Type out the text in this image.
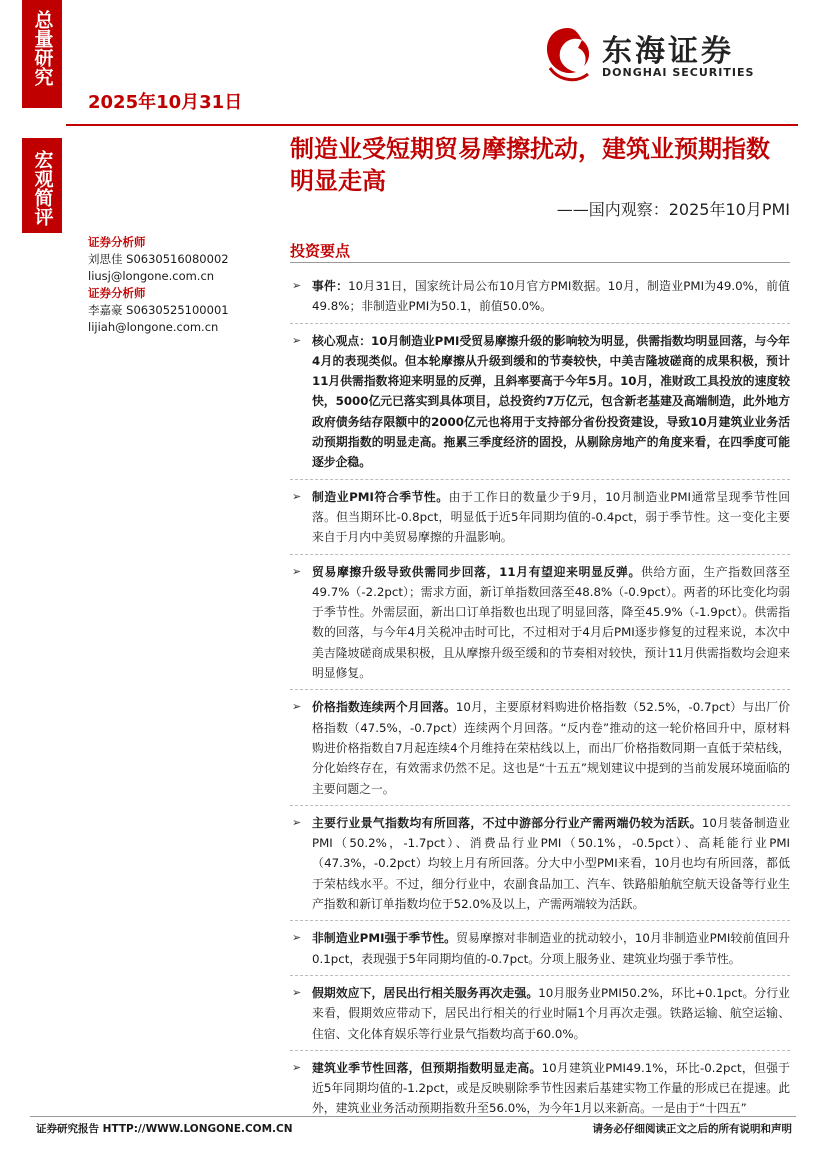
总量研究
宏观简评
2025年10月31日
东海证券
DONGHAI SECURITIES
制造业受短期贸易摩擦扰动，建筑业预期指数明显走高
——国内观察：2025年10月PMI
证券分析师
刘思佳 S0630516080002
liusj@longone.com.cn
证券分析师
李嘉豪 S0630525100001
lijiah@longone.com.cn
投资要点
➢ 事件：10月31日，国家统计局公布10月官方PMI数据。10月，制造业PMI为49.0%，前值49.8%；非制造业PMI为50.1，前值50.0%。
➢ 核心观点：10月制造业PMI受贸易摩擦升级的影响较为明显，供需指数均明显回落，与今年4月的表现类似。但本轮摩擦从升级到缓和的节奏较快，中美吉隆坡磋商的成果积极，预计11月供需指数将迎来明显的反弹，且斜率要高于今年5月。10月，准财政工具投放的速度较快，5000亿元已落实到具体项目，总投资约7万亿元，包含新老基建及高端制造，此外地方政府债务结存限额中的2000亿元也将用于支持部分省份投资建设，导致10月建筑业业务活动预期指数的明显走高。拖累三季度经济的固投，从剔除房地产的角度来看，在四季度可能逐步企稳。
➢ 制造业PMI符合季节性。由于工作日的数量少于9月，10月制造业PMI通常呈现季节性回落。但当期环比-0.8pct，明显低于近5年同期均值的-0.4pct，弱于季节性。这一变化主要来自于月内中美贸易摩擦的升温影响。
➢ 贸易摩擦升级导致供需同步回落，11月有望迎来明显反弹。供给方面，生产指数回落至49.7%（-2.2pct）；需求方面，新订单指数回落至48.8%（-0.9pct）。两者的环比变化均弱于季节性。外需层面，新出口订单指数也出现了明显回落，降至45.9%（-1.9pct）。供需指数的回落，与今年4月关税冲击时可比，不过相对于4月后PMI逐步修复的过程来说，本次中美吉隆坡磋商成果积极，且从摩擦升级至缓和的节奏相对较快，预计11月供需指数均会迎来明显修复。
➢ 价格指数连续两个月回落。10月，主要原材料购进价格指数（52.5%，-0.7pct）与出厂价格指数（47.5%，-0.7pct）连续两个月回落。“反内卷”推动的这一轮价格回升中，原材料购进价格指数自7月起连续4个月维持在荣枯线以上，而出厂价格指数同期一直低于荣枯线，分化始终存在，有效需求仍然不足。这也是“十五五”规划建议中提到的当前发展环境面临的主要问题之一。
➢ 主要行业景气指数均有所回落，不过中游部分行业产需两端仍较为活跃。10月装备制造业PMI（50.2%，-1.7pct）、消费品行业PMI（50.1%，-0.5pct）、高耗能行业PMI（47.3%，-0.2pct）均较上月有所回落。分大中小型PMI来看，10月也均有所回落，都低于荣枯线水平。不过，细分行业中，农副食品加工、汽车、铁路船舶航空航天设备等行业生产指数和新订单指数均位于52.0%及以上，产需两端较为活跃。
➢ 非制造业PMI强于季节性。贸易摩擦对非制造业的扰动较小，10月非制造业PMI较前值回升0.1pct，表现强于5年同期均值的-0.7pct。分项上服务业、建筑业均强于季节性。
➢ 假期效应下，居民出行相关服务再次走强。10月服务业PMI50.2%，环比+0.1pct。分行业来看，假期效应带动下，居民出行相关的行业时隔1个月再次走强。铁路运输、航空运输、住宿、文化体育娱乐等行业景气指数均高于60.0%。
➢ 建筑业季节性回落，但预期指数明显走高。10月建筑业PMI49.1%，环比-0.2pct，但强于近5年同期均值的-1.2pct，或是反映剔除季节性因素后基建实物工作量的形成已在提速。此外，建筑业业务活动预期指数升至56.0%，为今年1月以来新高。一是由于“十四五”
证券研究报告 HTTP://WWW.LONGONE.COM.CN	请务必仔细阅读正文之后的所有说明和声明
